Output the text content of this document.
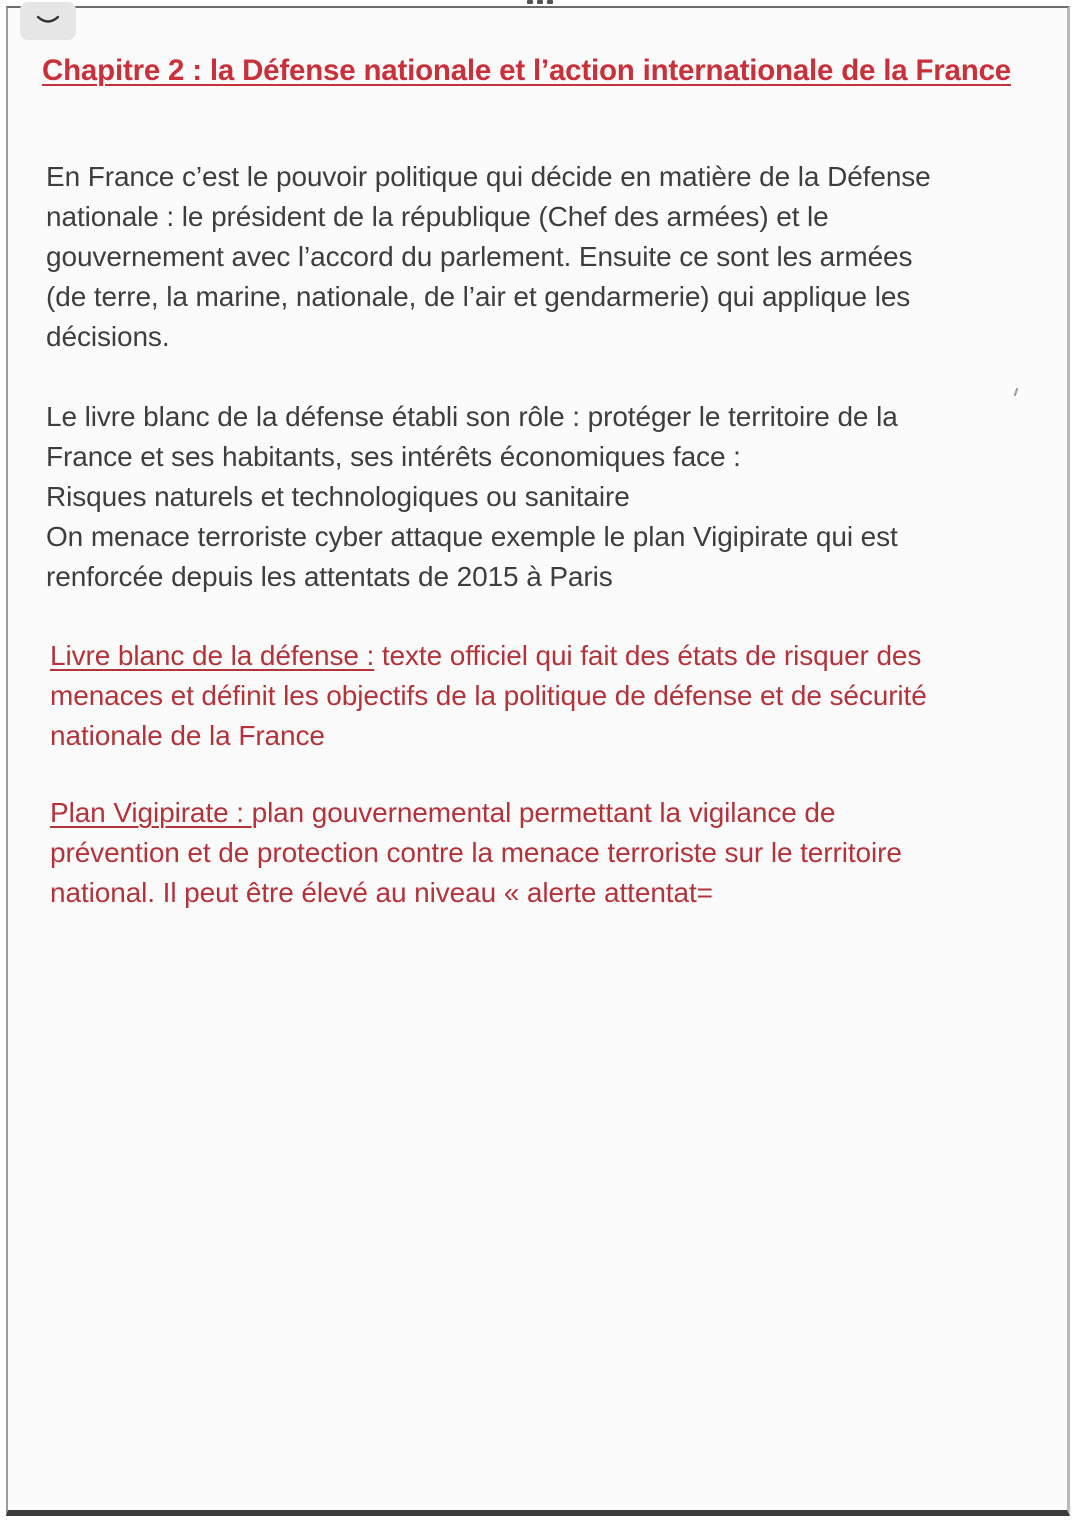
Chapitre 2 : la Défense nationale et l’action internationale de la France
En France c’est le pouvoir politique qui décide en matière de la Défense
nationale : le président de la république (Chef des armées) et le
gouvernement avec l’accord du parlement. Ensuite ce sont les armées
(de terre, la marine, nationale, de l’air et gendarmerie) qui applique les
décisions.
Le livre blanc de la défense établi son rôle : protéger le territoire de la
France et ses habitants, ses intérêts économiques face :
Risques naturels et technologiques ou sanitaire
On menace terroriste cyber attaque exemple le plan Vigipirate qui est
renforcée depuis les attentats de 2015 à Paris
Livre blanc de la défense : texte officiel qui fait des états de risquer des
menaces et définit les objectifs de la politique de défense et de sécurité
nationale de la France
Plan Vigipirate : plan gouvernemental permettant la vigilance de
prévention et de protection contre la menace terroriste sur le territoire
national. Il peut être élevé au niveau « alerte attentat=
